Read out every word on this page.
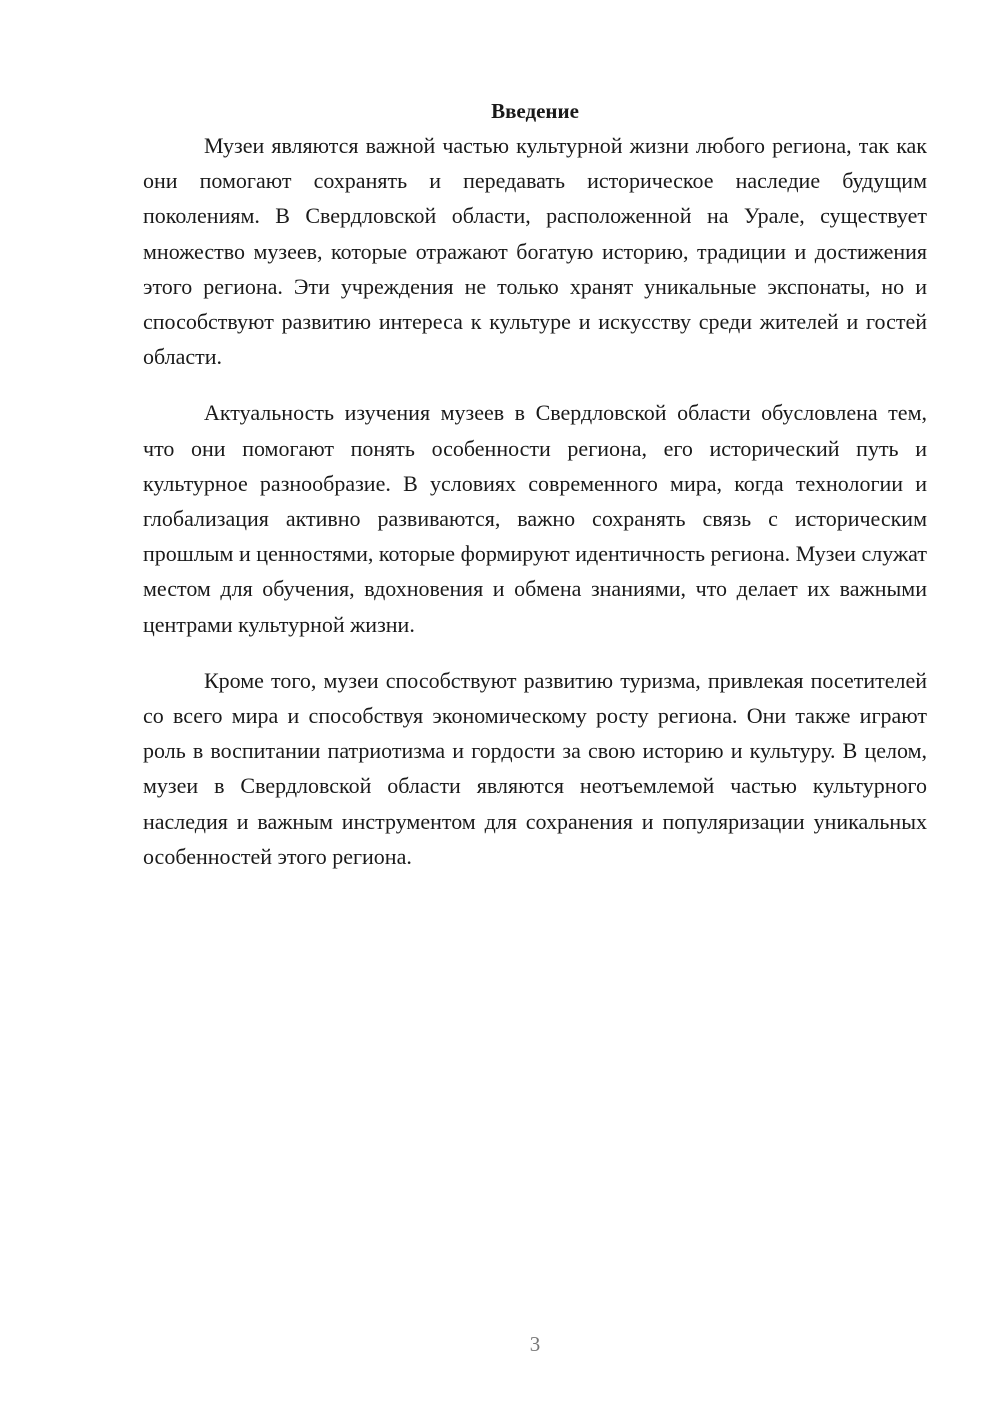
Введение

Музеи являются важной частью культурной жизни любого региона, так как они помогают сохранять и передавать историческое наследие будущим поколениям. В Свердловской области, расположенной на Урале, существует множество музеев, которые отражают богатую историю, традиции и достижения этого региона. Эти учреждения не только хранят уникальные экспонаты, но и способствуют развитию интереса к культуре и искусству среди жителей и гостей области.

Актуальность изучения музеев в Свердловской области обусловлена тем, что они помогают понять особенности региона, его исторический путь и культурное разнообразие. В условиях современного мира, когда технологии и глобализация активно развиваются, важно сохранять связь с историческим прошлым и ценностями, которые формируют идентичность региона. Музеи служат местом для обучения, вдохновения и обмена знаниями, что делает их важными центрами культурной жизни.

Кроме того, музеи способствуют развитию туризма, привлекая посетителей со всего мира и способствуя экономическому росту региона. Они также играют роль в воспитании патриотизма и гордости за свою историю и культуру. В целом, музеи в Свердловской области являются неотъемлемой частью культурного наследия и важным инструментом для сохранения и популяризации уникальных особенностей этого региона.

3
